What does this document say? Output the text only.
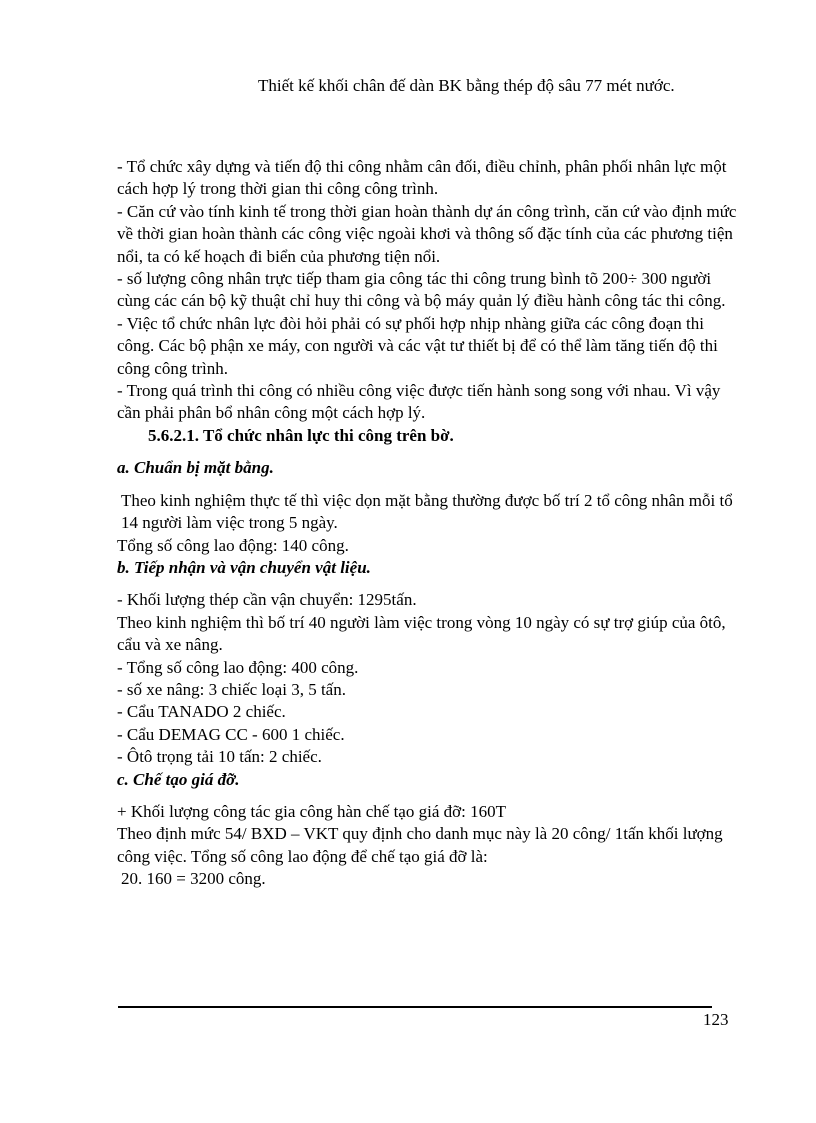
Thiết kế khối chân đế dàn BK bằng thép độ sâu 77 mét nước.

- Tổ chức xây dựng và tiến độ thi công nhằm cân đối, điều chỉnh, phân phối nhân lực một cách hợp lý trong thời gian thi công công trình.

- Căn cứ vào tính kinh tế trong thời gian hoàn thành dự án công trình, căn cứ vào định mức về thời gian hoàn thành các công việc ngoài khơi và thông số đặc tính của các phương tiện nổi, ta có kế hoạch đi biển của phương tiện nổi.

- số lượng công nhân trực tiếp tham gia công tác thi công trung bình tõ 200÷ 300 người cùng các cán bộ kỹ thuật chỉ huy thi công và bộ máy quản lý điều hành công tác thi công.

- Việc tổ chức nhân lực đòi hỏi phải có sự phối hợp nhịp nhàng giữa các công đoạn thi công. Các bộ phận xe máy, con người và các vật tư thiết bị để có thể làm tăng tiến độ thi công công trình.

- Trong quá trình thi công có nhiều công việc được tiến hành song song với nhau. Vì vậy cần phải phân bổ nhân công một cách hợp lý.

5.6.2.1. Tổ chức nhân lực thi công trên bờ.

a. Chuẩn bị mặt bằng.

Theo kinh nghiệm thực tế thì việc dọn mặt bằng thường được bố trí 2 tổ công nhân mỗi tổ 14 người làm việc trong 5 ngày.

Tổng số công lao động: 140 công.

b. Tiếp nhận và vận chuyển vật liệu.

- Khối lượng thép cần vận chuyển: 1295tấn.

Theo kinh nghiệm thì bố trí 40 người làm việc trong vòng 10 ngày có sự trợ giúp của ôtô, cẩu và xe nâng.

- Tổng số công lao động: 400 công.

- số xe nâng: 3 chiếc loại 3, 5 tấn.

- Cẩu TANADO 2 chiếc.

- Cẩu DEMAG CC - 600 1 chiếc.

- Ôtô trọng tải 10 tấn: 2 chiếc.

c. Chế tạo giá đỡ.

+ Khối lượng công tác gia công hàn chế tạo giá đỡ: 160T

Theo định mức 54/ BXD – VKT quy định cho danh mục này là 20 công/ 1tấn khối lượng công việc. Tổng số công lao động để chế tạo giá đỡ là:

20. 160 = 3200 công.

123
